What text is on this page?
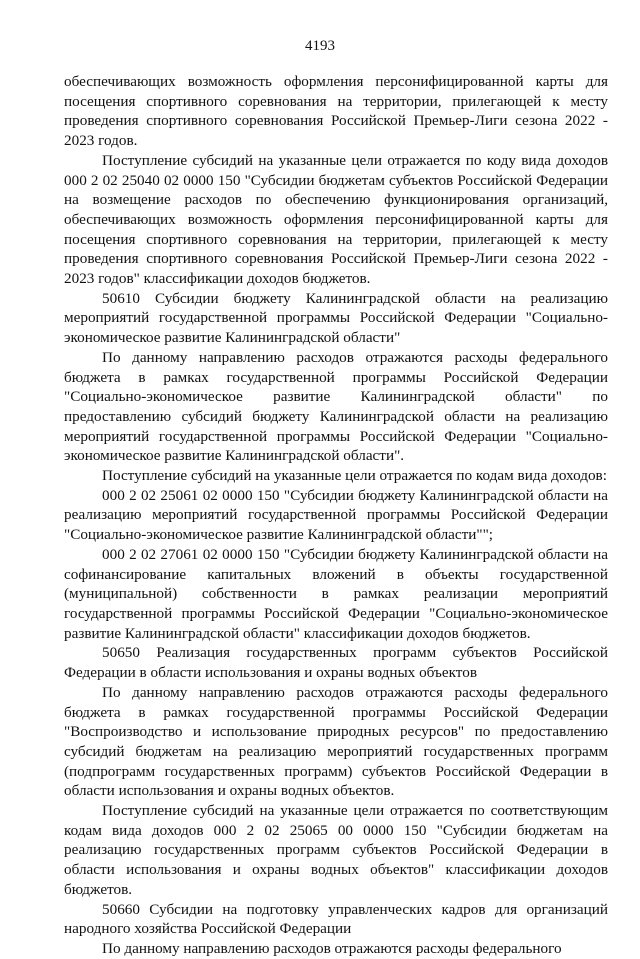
4193

обеспечивающих возможность оформления персонифицированной карты для посещения спортивного соревнования на территории, прилегающей к месту проведения спортивного соревнования Российской Премьер-Лиги сезона 2022 - 2023 годов.

Поступление субсидий на указанные цели отражается по коду вида доходов 000 2 02 25040 02 0000 150 "Субсидии бюджетам субъектов Российской Федерации на возмещение расходов по обеспечению функционирования организаций, обеспечивающих возможность оформления персонифицированной карты для посещения спортивного соревнования на территории, прилегающей к месту проведения спортивного соревнования Российской Премьер-Лиги сезона 2022 - 2023 годов" классификации доходов бюджетов.

50610 Субсидии бюджету Калининградской области на реализацию мероприятий государственной программы Российской Федерации "Социально-экономическое развитие Калининградской области"

По данному направлению расходов отражаются расходы федерального бюджета в рамках государственной программы Российской Федерации "Социально-экономическое развитие Калининградской области" по предоставлению субсидий бюджету Калининградской области на реализацию мероприятий государственной программы Российской Федерации "Социально-экономическое развитие Калининградской области".

Поступление субсидий на указанные цели отражается по кодам вида доходов:

000 2 02 25061 02 0000 150 "Субсидии бюджету Калининградской области на реализацию мероприятий государственной программы Российской Федерации "Социально-экономическое развитие Калининградской области"";

000 2 02 27061 02 0000 150 "Субсидии бюджету Калининградской области на софинансирование капитальных вложений в объекты государственной (муниципальной) собственности в рамках реализации мероприятий государственной программы Российской Федерации "Социально-экономическое развитие Калининградской области" классификации доходов бюджетов.

50650 Реализация государственных программ субъектов Российской Федерации в области использования и охраны водных объектов

По данному направлению расходов отражаются расходы федерального бюджета в рамках государственной программы Российской Федерации "Воспроизводство и использование природных ресурсов" по предоставлению субсидий бюджетам на реализацию мероприятий государственных программ (подпрограмм государственных программ) субъектов Российской Федерации в области использования и охраны водных объектов.

Поступление субсидий на указанные цели отражается по соответствующим кодам вида доходов 000 2 02 25065 00 0000 150 "Субсидии бюджетам на реализацию государственных программ субъектов Российской Федерации в области использования и охраны водных объектов" классификации доходов бюджетов.

50660 Субсидии на подготовку управленческих кадров для организаций народного хозяйства Российской Федерации

По данному направлению расходов отражаются расходы федерального
